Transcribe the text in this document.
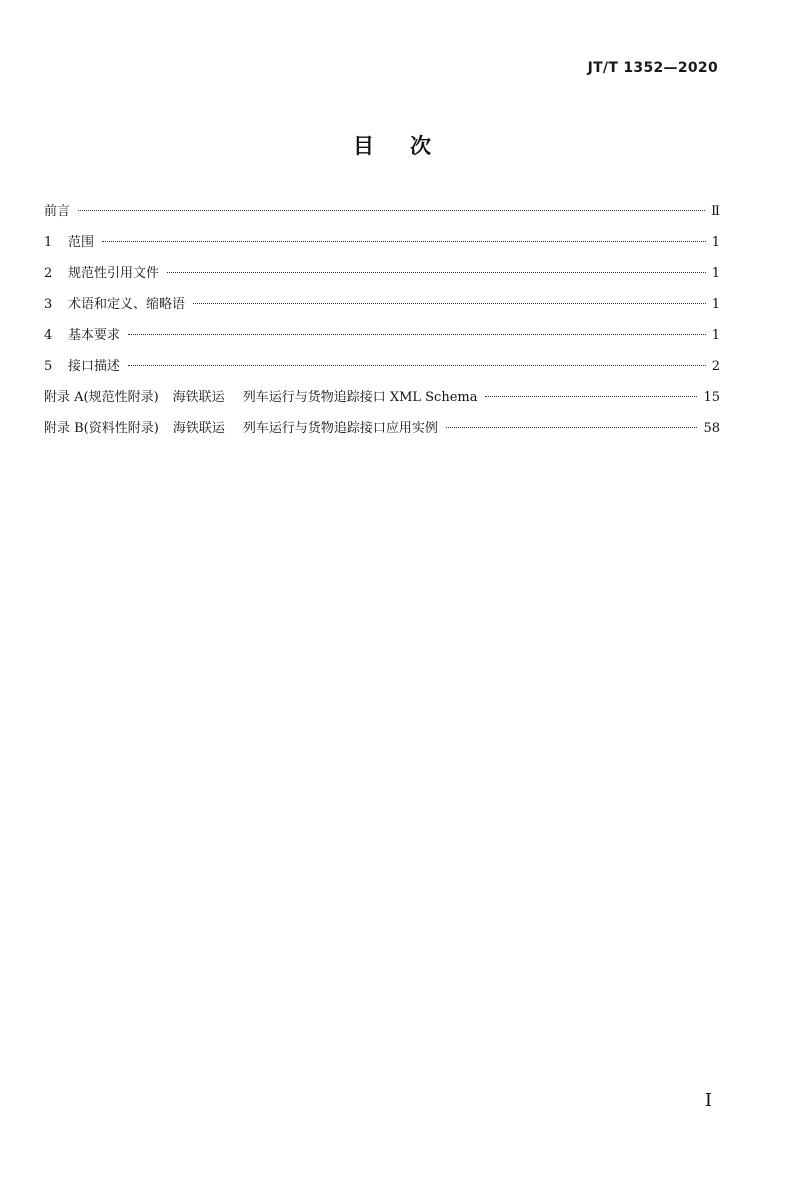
JT/T 1352—2020
目次
前言	Ⅱ
1	范围	1
2	规范性引用文件	1
3	术语和定义、缩略语	1
4	基本要求	1
5	接口描述	2
附录 A(规范性附录) 海铁联运 列车运行与货物追踪接口 XML Schema	15
附录 B(资料性附录) 海铁联运 列车运行与货物追踪接口应用实例	58
I
